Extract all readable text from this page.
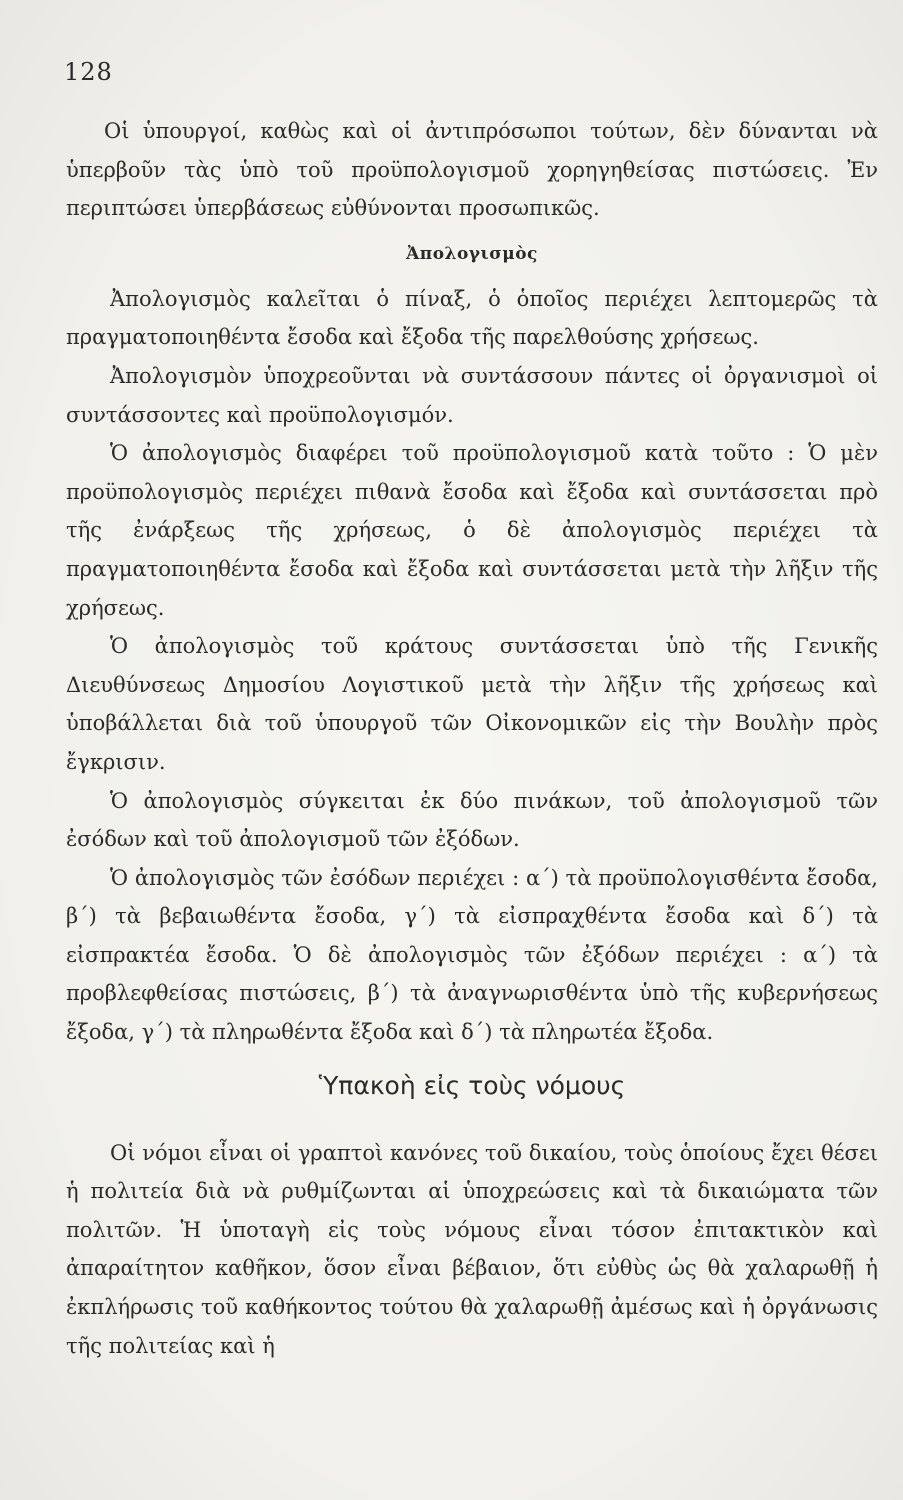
128

Οἱ ὑπουργοί, καθὼς καὶ οἱ ἀντιπρόσωποι τούτων, δὲν δύνανται νὰ ὑπερβοῦν τὰς ὑπὸ τοῦ προϋπολογισμοῦ χορηγηθείσας πιστώσεις. Ἐν περιπτώσει ὑπερβάσεως εὐθύνονται προσωπικῶς.

Ἀπολογισμὸς

Ἀπολογισμὸς καλεῖται ὁ πίναξ, ὁ ὁποῖος περιέχει λεπτομερῶς τὰ πραγματοποιηθέντα ἔσοδα καὶ ἔξοδα τῆς παρελθούσης χρήσεως.

Ἀπολογισμὸν ὑποχρεοῦνται νὰ συντάσσουν πάντες οἱ ὀργανισμοὶ οἱ συντάσσοντες καὶ προϋπολογισμόν.

Ὁ ἀπολογισμὸς διαφέρει τοῦ προϋπολογισμοῦ κατὰ τοῦτο : Ὁ μὲν προϋπολογισμὸς περιέχει πιθανὰ ἔσοδα καὶ ἔξοδα καὶ συντάσσεται πρὸ τῆς ἐνάρξεως τῆς χρήσεως, ὁ δὲ ἀπολογισμὸς περιέχει τὰ πραγματοποιηθέντα ἔσοδα καὶ ἔξοδα καὶ συντάσσεται μετὰ τὴν λῆξιν τῆς χρήσεως.

Ὁ ἀπολογισμὸς τοῦ κράτους συντάσσεται ὑπὸ τῆς Γενικῆς Διευθύνσεως Δημοσίου Λογιστικοῦ μετὰ τὴν λῆξιν τῆς χρήσεως καὶ ὑποβάλλεται διὰ τοῦ ὑπουργοῦ τῶν Οἰκονομικῶν εἰς τὴν Βουλὴν πρὸς ἔγκρισιν.

Ὁ ἀπολογισμὸς σύγκειται ἐκ δύο πινάκων, τοῦ ἀπολογισμοῦ τῶν ἐσόδων καὶ τοῦ ἀπολογισμοῦ τῶν ἐξόδων.

Ὁ ἀπολογισμὸς τῶν ἐσόδων περιέχει : α΄) τὰ προϋπολογισθέντα ἔσοδα, β΄) τὰ βεβαιωθέντα ἔσοδα, γ΄) τὰ εἰσπραχθέντα ἔσοδα καὶ δ΄) τὰ εἰσπρακτέα ἔσοδα. Ὁ δὲ ἀπολογισμὸς τῶν ἐξόδων περιέχει : α΄) τὰ προβλεφθείσας πιστώσεις, β΄) τὰ ἀναγνωρισθέντα ὑπὸ τῆς κυβερνήσεως ἔξοδα, γ΄) τὰ πληρωθέντα ἔξοδα καὶ δ΄) τὰ πληρωτέα ἔξοδα.

Ὑπακοὴ εἰς τοὺς νόμους

Οἱ νόμοι εἶναι οἱ γραπτοὶ κανόνες τοῦ δικαίου, τοὺς ὁποίους ἔχει θέσει ἡ πολιτεία διὰ νὰ ρυθμίζωνται αἱ ὑποχρεώσεις καὶ τὰ δικαιώματα τῶν πολιτῶν. Ἡ ὑποταγὴ εἰς τοὺς νόμους εἶναι τόσον ἐπιτακτικὸν καὶ ἀπαραίτητον καθῆκον, ὅσον εἶναι βέβαιον, ὅτι εὐθὺς ὡς θὰ χαλαρωθῇ ἡ ἐκπλήρωσις τοῦ καθήκοντος τούτου θὰ χαλαρωθῇ ἀμέσως καὶ ἡ ὀργάνωσις τῆς πολιτείας καὶ ἡ
